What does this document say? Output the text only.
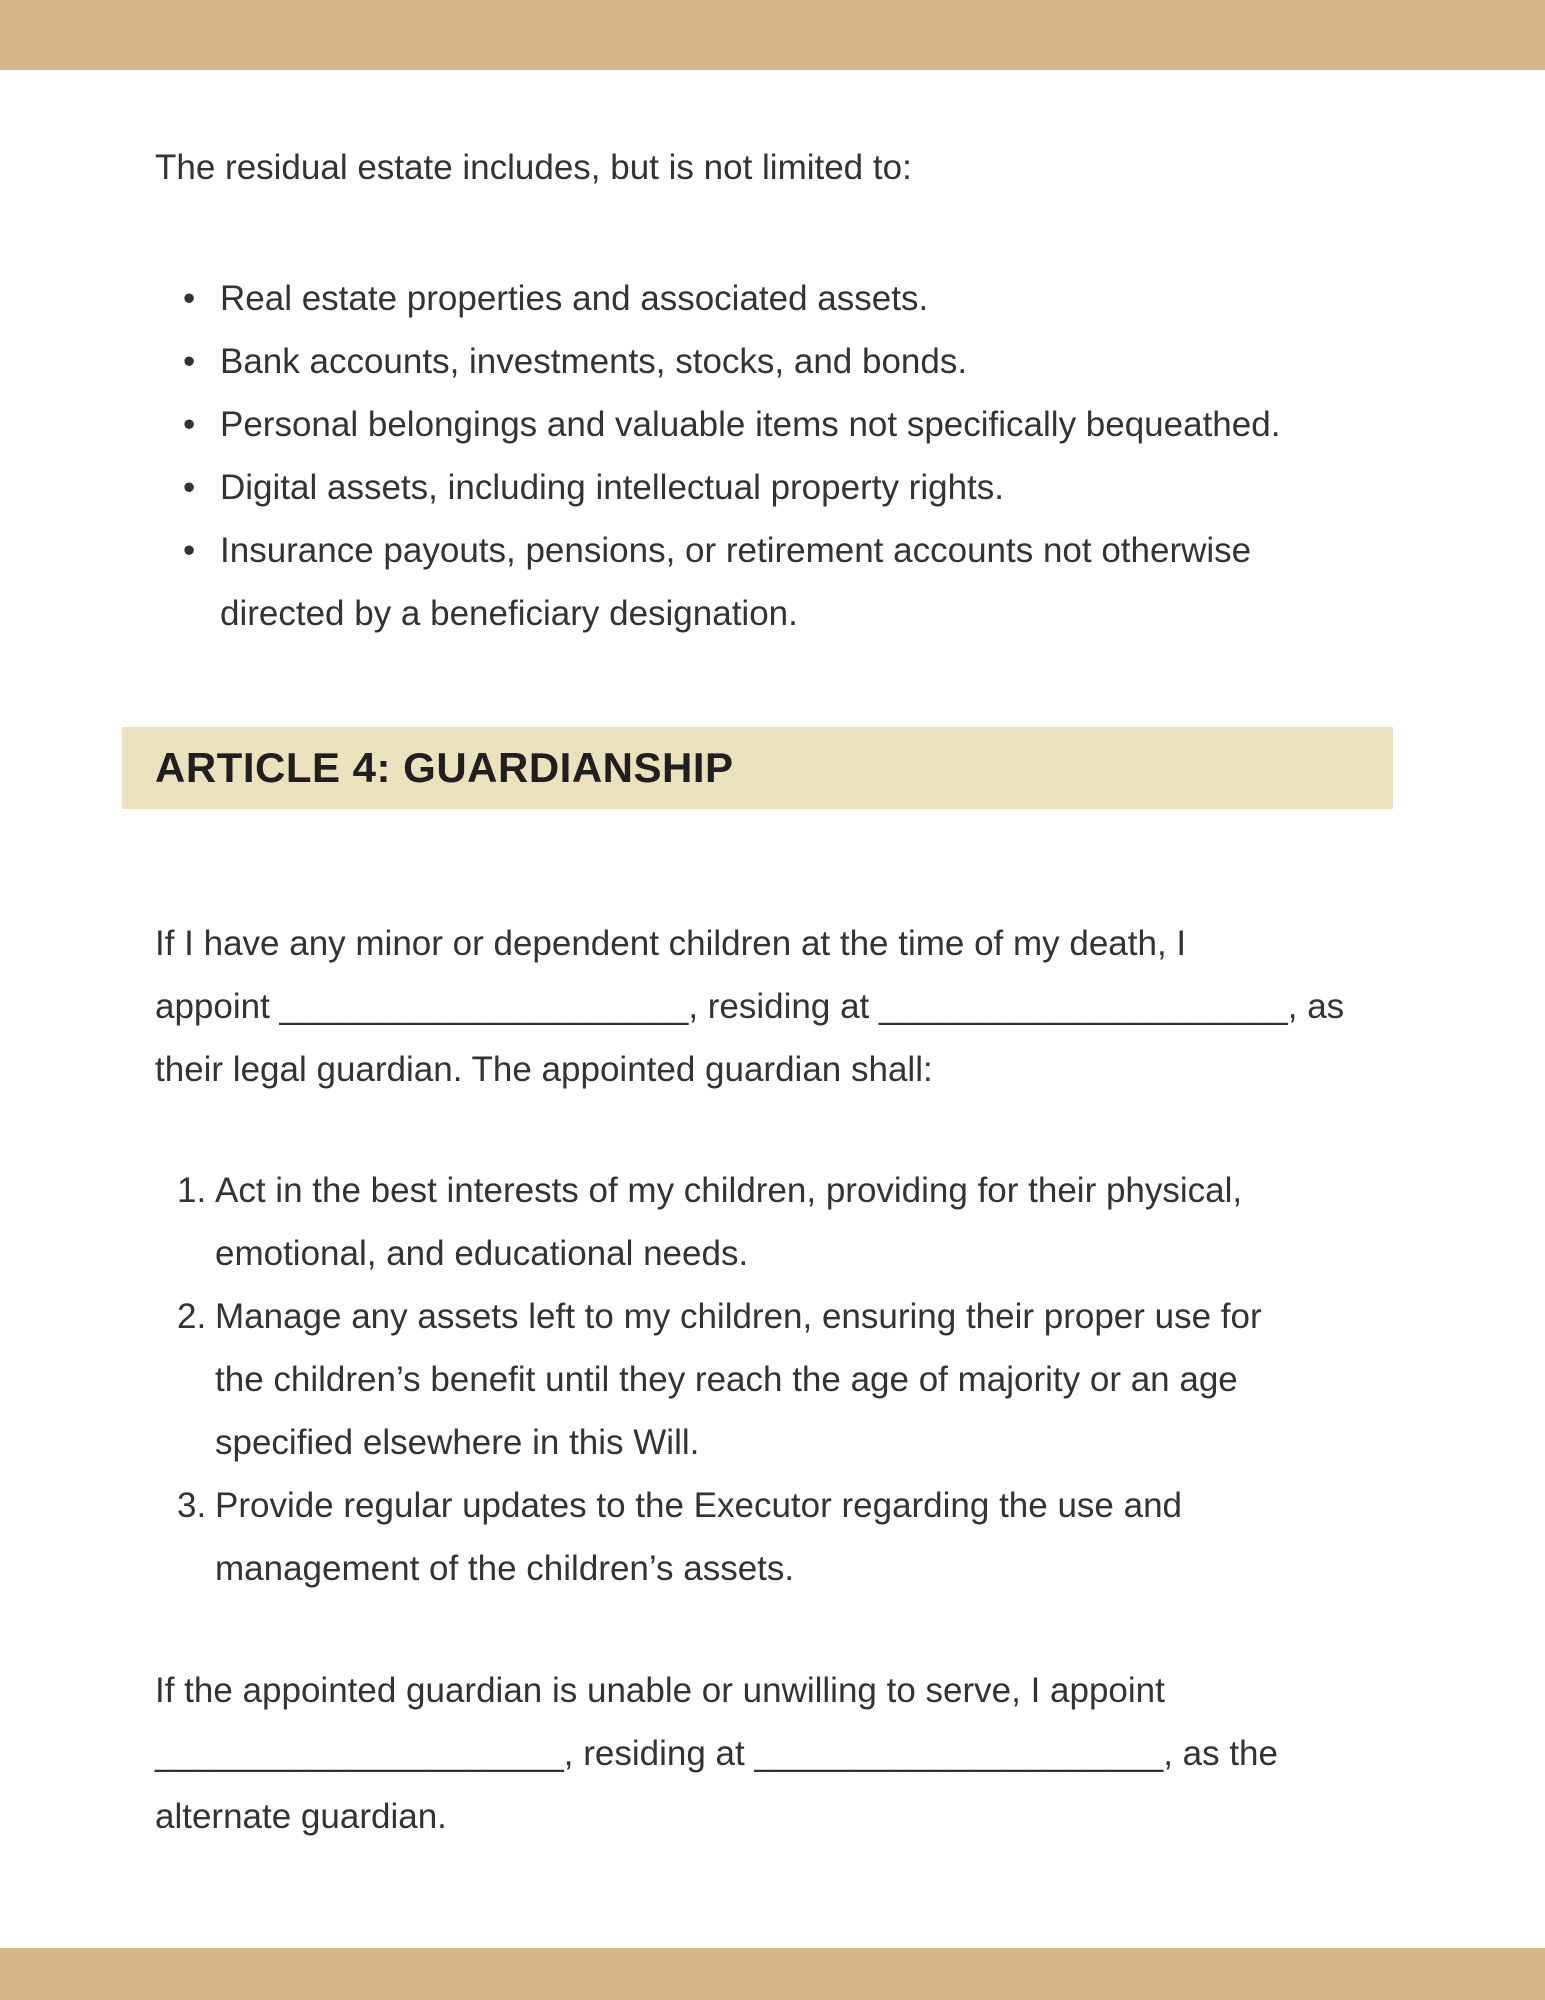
The residual estate includes, but is not limited to:

• Real estate properties and associated assets.
• Bank accounts, investments, stocks, and bonds.
• Personal belongings and valuable items not specifically bequeathed.
• Digital assets, including intellectual property rights.
• Insurance payouts, pensions, or retirement accounts not otherwise
directed by a beneficiary designation.
ARTICLE 4: GUARDIANSHIP

If I have any minor or dependent children at the time of my death, I
appoint _____________________, residing at _____________________, as
their legal guardian. The appointed guardian shall:

1. Act in the best interests of my children, providing for their physical,
emotional, and educational needs.
2. Manage any assets left to my children, ensuring their proper use for
the children’s benefit until they reach the age of majority or an age
specified elsewhere in this Will.
3. Provide regular updates to the Executor regarding the use and
management of the children’s assets.

If the appointed guardian is unable or unwilling to serve, I appoint
_____________________, residing at _____________________, as the
alternate guardian.
